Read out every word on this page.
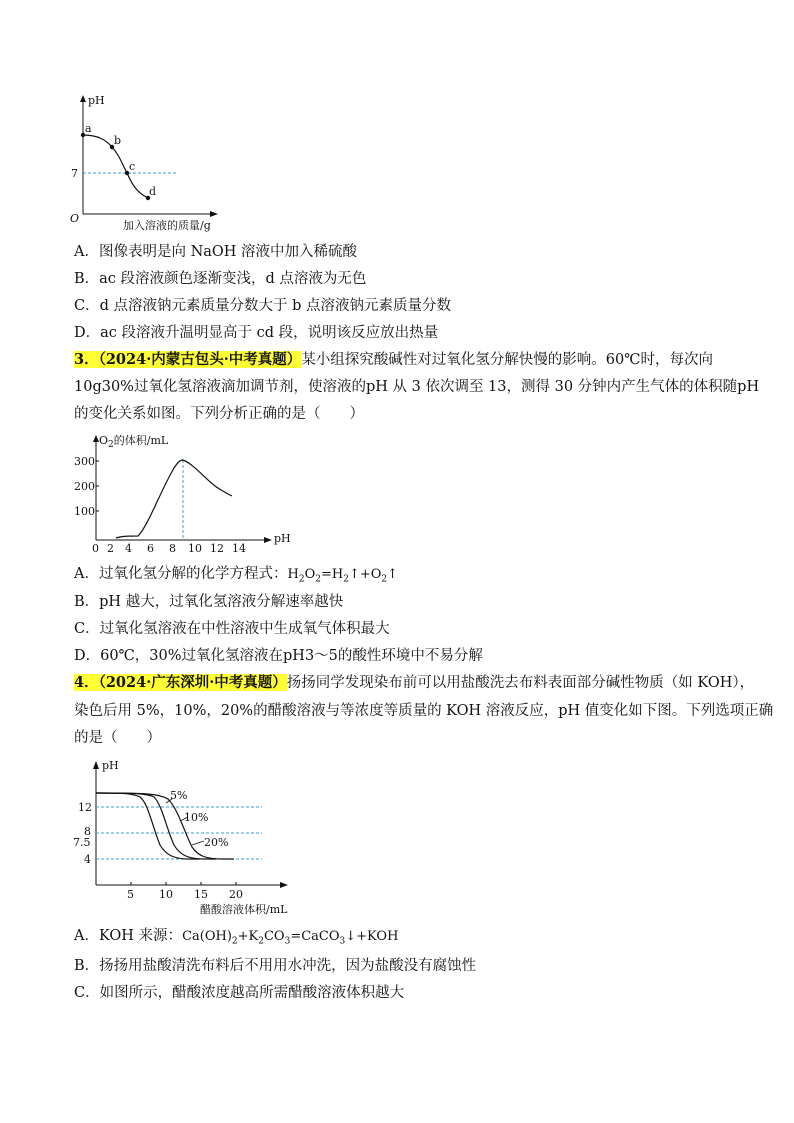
pH
O
7
a
b
c
d
加入溶液的质量/g
A．图像表明是向 NaOH 溶液中加入稀硫酸
B．ac 段溶液颜色逐渐变浅，d 点溶液为无色
C．d 点溶液钠元素质量分数大于 b 点溶液钠元素质量分数
D．ac 段溶液升温明显高于 cd 段，说明该反应放出热量
3．（2024·内蒙古包头·中考真题）某小组探究酸碱性对过氧化氢分解快慢的影响。60℃时，每次向
10g30%过氧化氢溶液滴加调节剂，使溶液的pH 从 3 依次调至 13，测得 30 分钟内产生气体的体积随pH
的变化关系如图。下列分析正确的是（　　）
$O_2$的体积/mL
pH
100
200
300
0 2 4 6 8 10 12 14
A．过氧化氢分解的化学方程式：$H_2O_2=H_2↑+O_2↑$
B．pH 越大，过氧化氢溶液分解速率越快
C．过氧化氢溶液在中性溶液中生成氧气体积最大
D．60℃，30%过氧化氢溶液在pH3～5的酸性环境中不易分解
4．（2024·广东深圳·中考真题）扬扬同学发现染布前可以用盐酸洗去布料表面部分碱性物质（如 KOH），
染色后用 5%，10%，20%的醋酸溶液与等浓度等质量的 KOH 溶液反应，pH 值变化如下图。下列选项正确
的是（　　）
pH
醋酸溶液体积/mL
12
8
7.5
4
5 10 15 20
5%
10%
20%
A．KOH 来源：$Ca(OH)_2+K_2CO_3=CaCO_3↓+KOH$
B．扬扬用盐酸清洗布料后不用用水冲洗，因为盐酸没有腐蚀性
C．如图所示，醋酸浓度越高所需醋酸溶液体积越大
